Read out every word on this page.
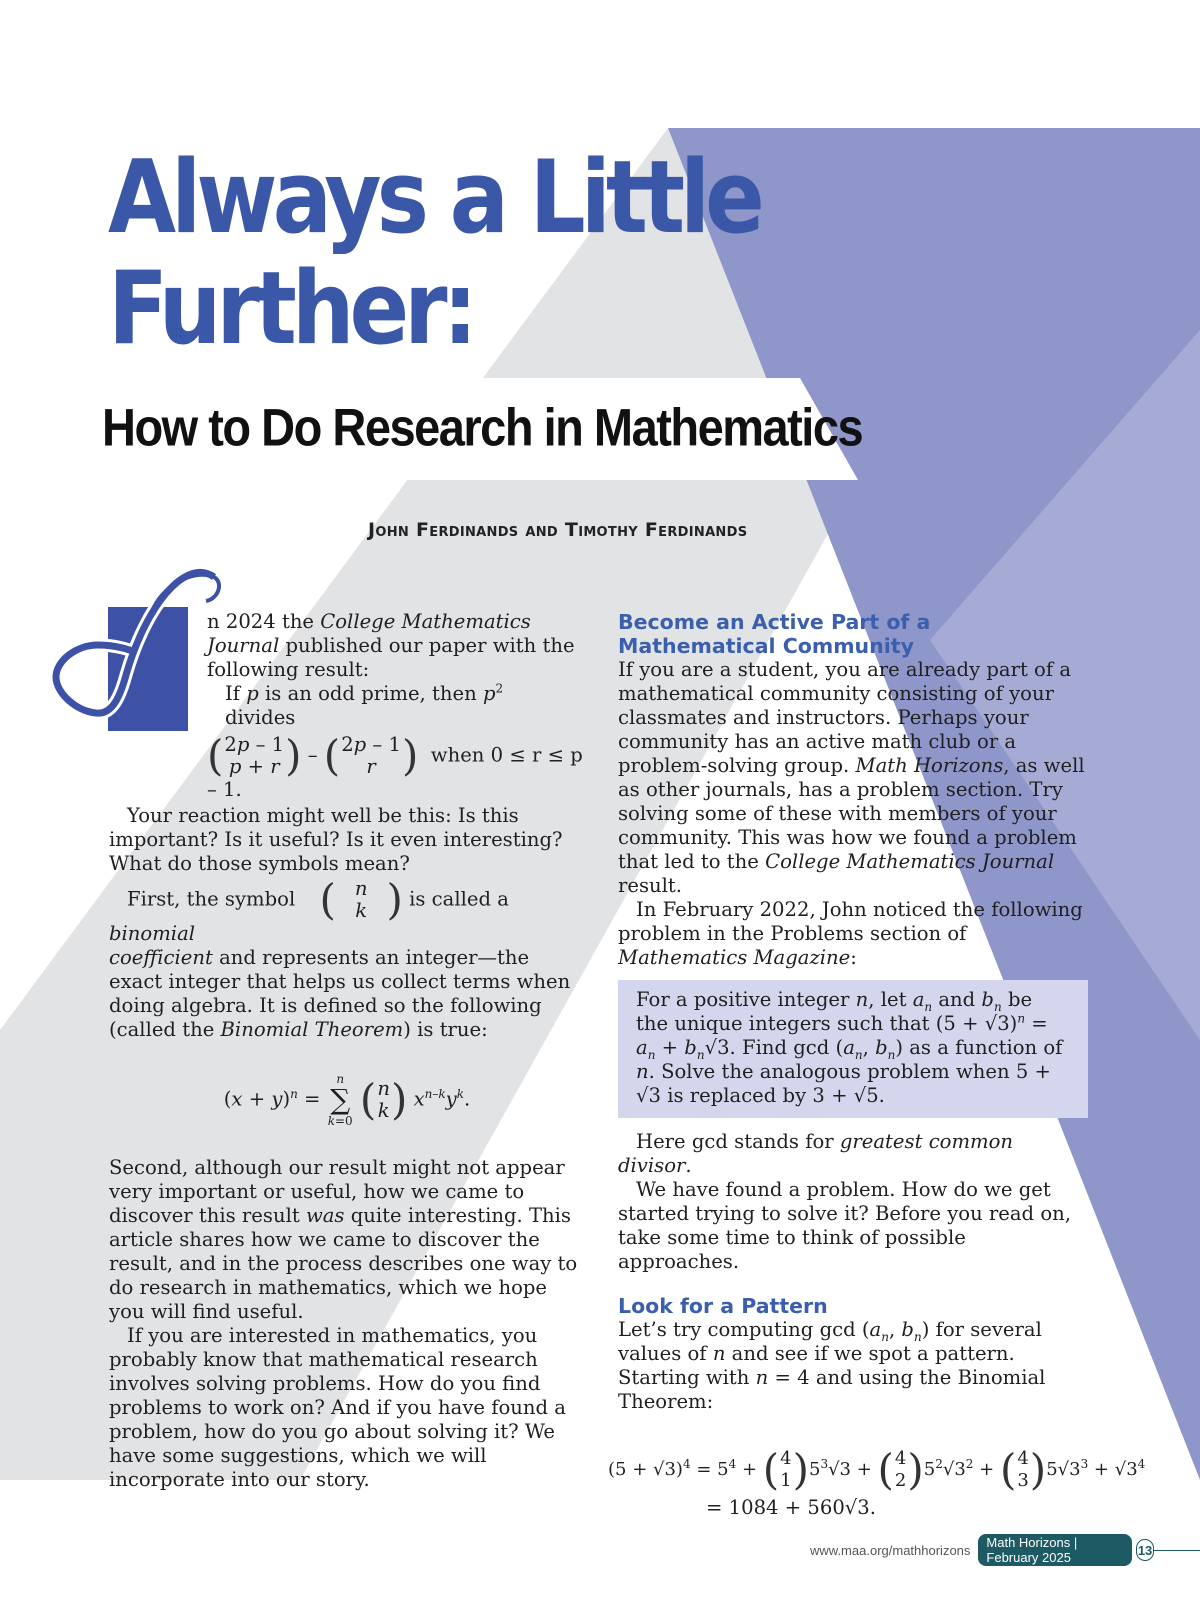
Always a Little
Further:
How to Do Research in Mathematics
John Ferdinands and Timothy Ferdinands

n 2024 the College Mathematics Journal published our paper with the following result:

If p is an odd prime, then $p^2$  divides

( 2p – 1
p + r ) – ( 2p – 1
r ) when 0 ≤ r ≤ p – 1.

Your reaction might well be this: Is this important? Is it useful? Is it even interesting? What do those symbols mean?

First, the symbol ( n
k ) is called a binomial

coefficient and represents an integer—the exact integer that helps us collect terms when doing algebra. It is defined so the following (called the Binomial Theorem) is true:

$(x + y)^n$ =
n
∑
k=0
( n
k ) $x^{n-k}y^k$.

Second, although our result might not appear very important or useful, how we came to discover this result was quite interesting. This article shares how we came to discover the result, and in the process describes one way to do research in mathematics, which we hope you will find useful.

If you are interested in mathematics, you probably know that mathematical research involves solving problems. How do you find problems to work on? And if you have found a problem, how do you go about solving it? We have some suggestions, which we will incorporate into our story.

Become an Active Part of a Mathematical Community

If you are a student, you are already part of a mathematical community consisting of your classmates and instructors. Perhaps your community has an active math club or a problem-solving group. Math Horizons, as well as other journals, has a problem section. Try solving some of these with members of your community. This was how we found a problem that led to the College Mathematics Journal result.

In February 2022, John noticed the following problem in the Problems section of Mathematics Magazine:

For a positive integer n, let $a_n$ and $b_n$ be the unique integers such that $(5 + √3)^n = a_n + b_n√3$. Find $\gcd (a_n$, $b_n$) as a function of n. Solve the analogous problem when 5 + √3 is replaced by 3 + √5.

Here gcd stands for greatest common divisor.

We have found a problem. How do we get started trying to solve it? Before you read on, take some time to think of possible approaches.

Look for a Pattern

Let’s try computing $\gcd (a_n$, $b_n$) for several values of n and see if we spot a pattern. Starting with n = 4 and using the Binomial Theorem:

$(5 + √3)^4 = 5^4$ + ( 4
1 ) $5^3√3$ + ( 4
2 ) $5^2√3^2$ + ( 4
3 ) $5√3^3 + √3^4$
= 1084 + 560√3.
www.maa.org/mathhorizons	Math Horizons | February 2025	13
